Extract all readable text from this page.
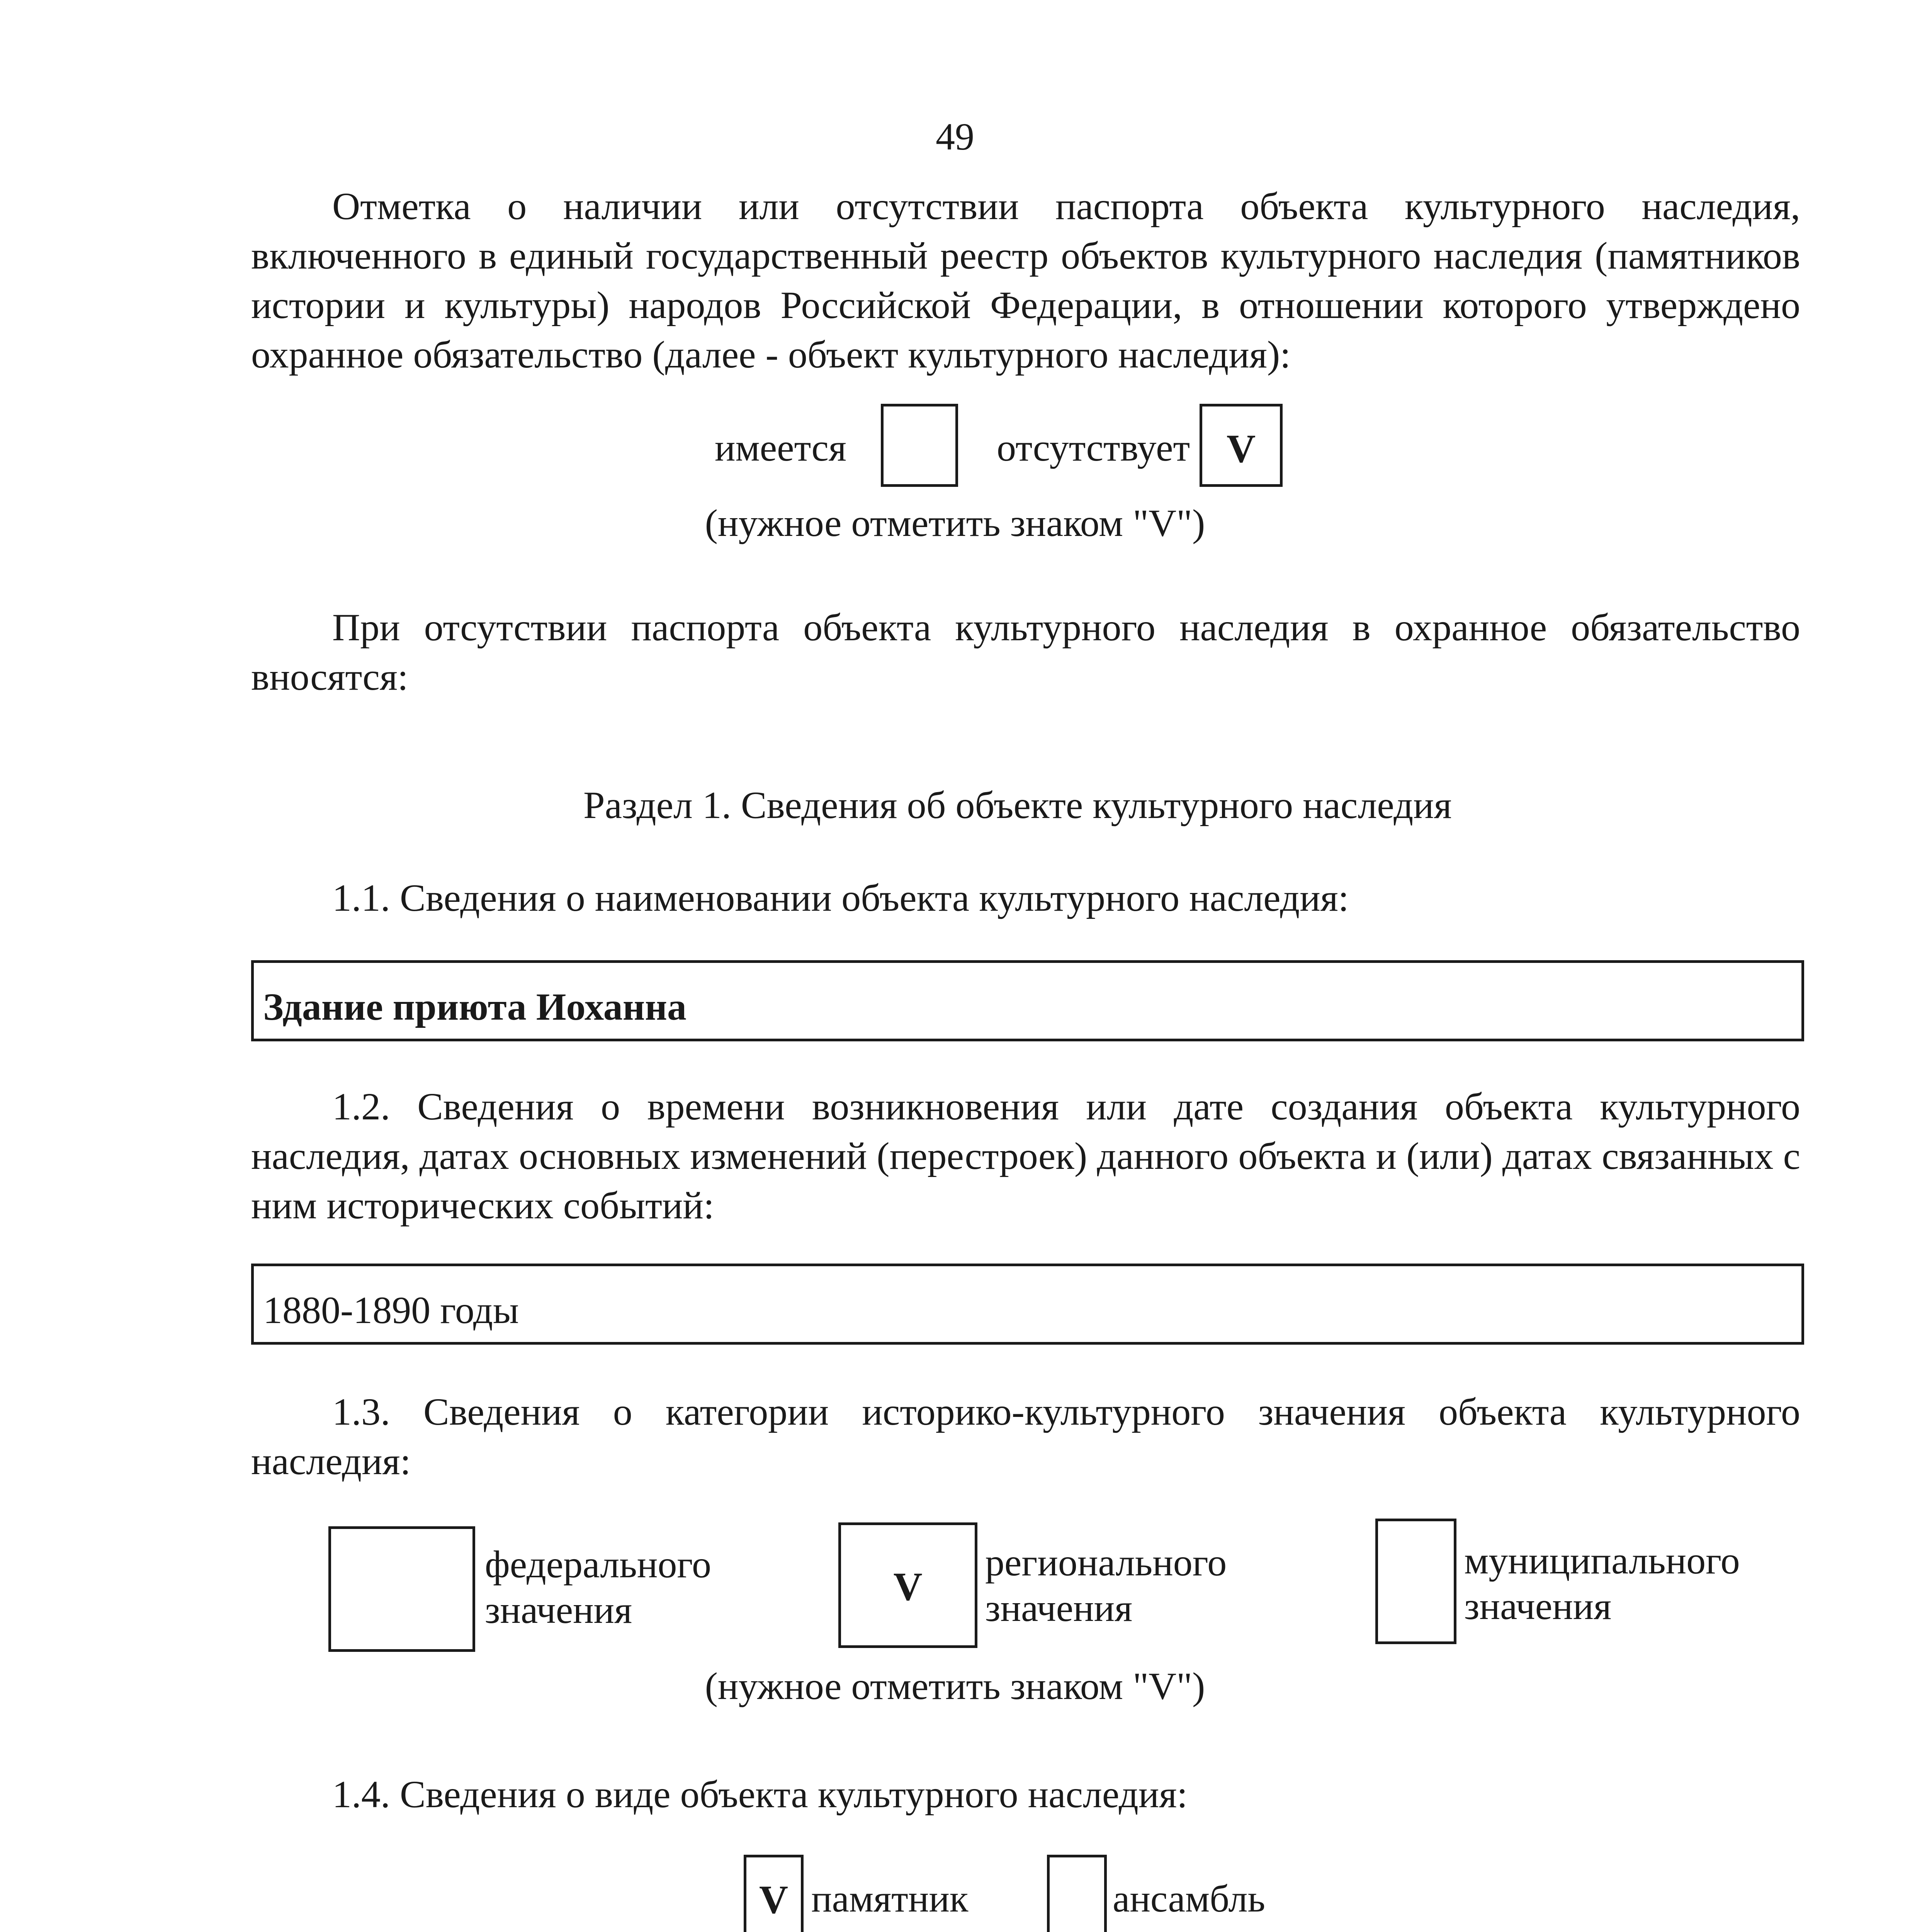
49
Отметка о наличии или отсутствии паспорта объекта культурного наследия, включенного в единый государственный реестр объектов культурного наследия (памятников истории и культуры) народов Российской Федерации, в отношении которого утверждено охранное обязательство (далее - объект культурного наследия):
имеется	отсутствует V
(нужное отметить знаком "V")
При отсутствии паспорта объекта культурного наследия в охранное обязательство вносятся:
Раздел 1. Сведения об объекте культурного наследия
1.1. Сведения о наименовании объекта культурного наследия:
Здание приюта Иоханна
1.2. Сведения о времени возникновения или дате создания объекта культурного наследия, датах основных изменений (перестроек) данного объекта и (или) датах связанных с ним исторических событий:
1880-1890 годы
1.3. Сведения о категории историко-культурного значения объекта культурного наследия:
федерального
значения
V
регионального
значения
муниципального
значения
(нужное отметить знаком "V")
1.4. Сведения о виде объекта культурного наследия:
V памятник	ансамбль
